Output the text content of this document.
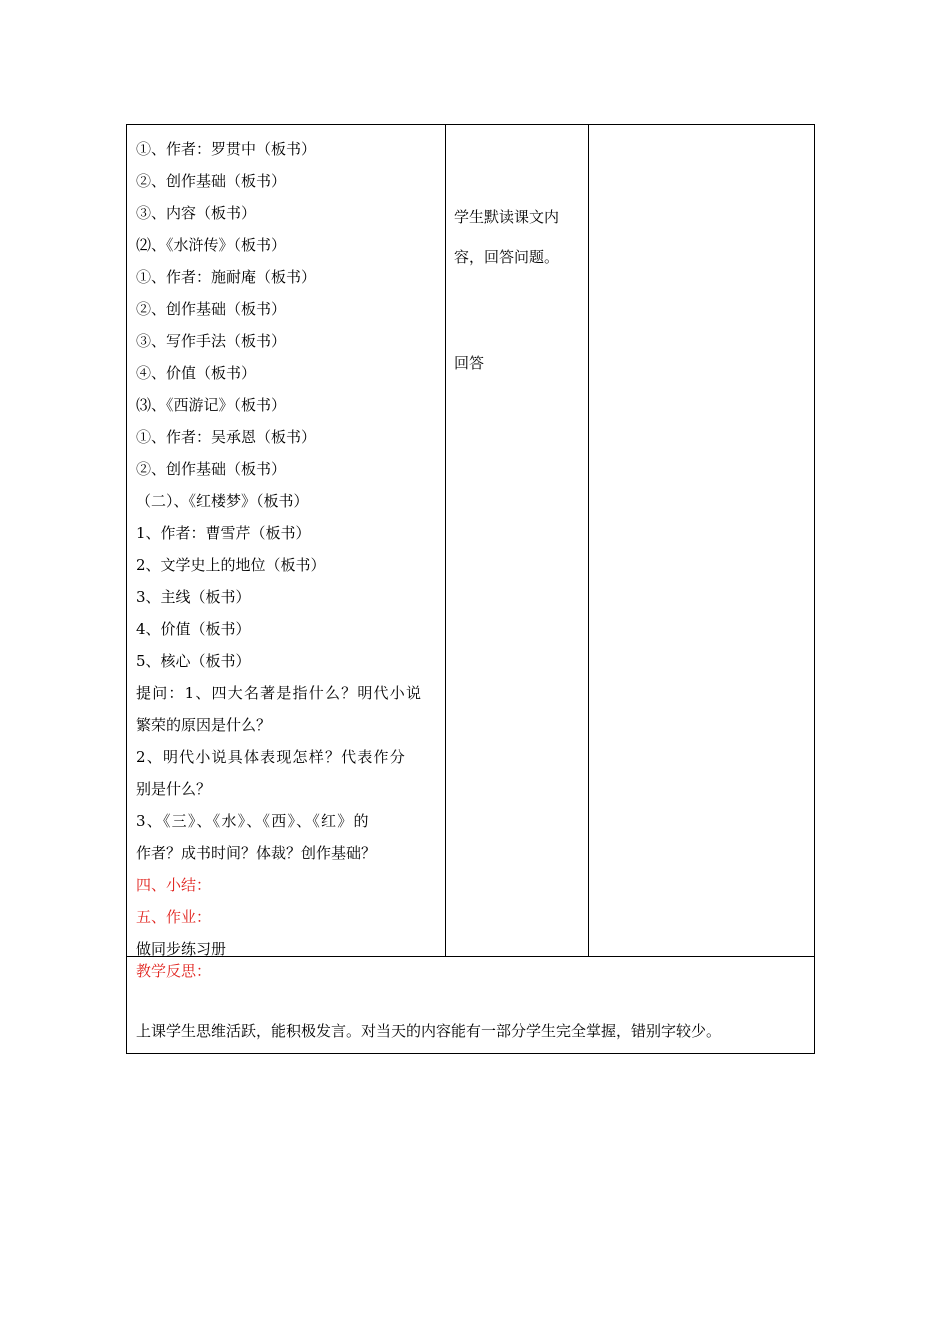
①、作者：罗贯中（板书）
②、创作基础（板书）
③、内容（板书）
⑵、《水浒传》（板书）
①、作者：施耐庵（板书）
②、创作基础（板书）
③、写作手法（板书）
④、价值（板书）
⑶、《西游记》（板书）
①、作者：吴承恩（板书）
②、创作基础（板书）
（二）、《红楼梦》（板书）
1、作者：曹雪芹（板书）
2、文学史上的地位（板书）
3、主线（板书）
4、价值（板书）
5、核心（板书）
提问：1、四大名著是指什么？明代小说
繁荣的原因是什么？
2、明代小说具体表现怎样？代表作分
别是什么？
3、《三》、《水》、《西》、《红》的
作者？成书时间？体裁？创作基础？
四、小结：
五、作业：
做同步练习册
学生默读课文内
容，回答问题。
回答
教学反思：
上课学生思维活跃，能积极发言。对当天的内容能有一部分学生完全掌握，错别字较少。
